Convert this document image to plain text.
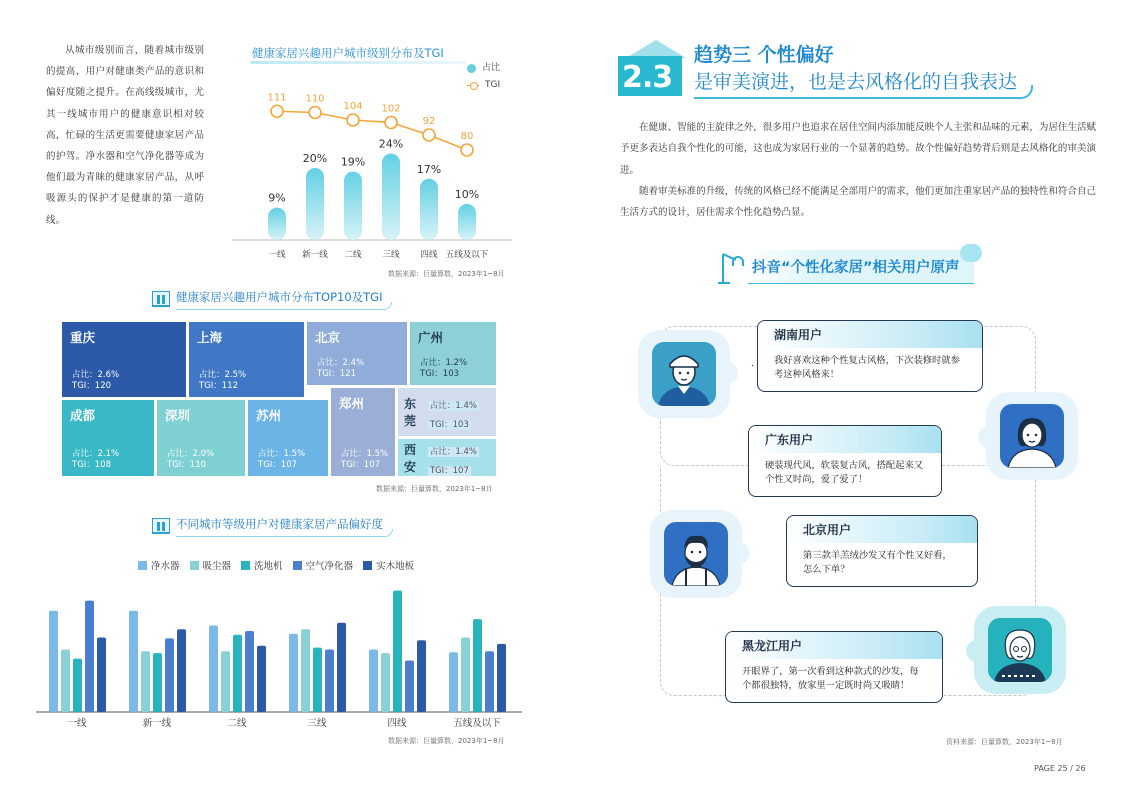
从城市级别而言，随着城市级别的提高，用户对健康类产品的意识和偏好度随之提升。在高线级城市，尤其一线城市用户的健康意识相对较高，忙碌的生活更需要健康家居产品的护驾。净水器和空气净化器等成为他们最为青睐的健康家居产品，从呼吸源头的保护才是健康的第一道防线。

健康家居兴趣用户城市级别分布及TGI
占比
TGI
9%
一线
20%
新一线
19%
二线
24%
三线
17%
四线
10%
五线及以下
111 110
104 102
92
80
数据来源：巨量算数，2023年1~8月
健康家居兴趣用户城市分布TOP10及TGI
重庆
占比：2.6%
TGI：120
上海
占比：2.5%
TGI：112
北京
占比：2.4%
TGI：121
广州
占比：1.2%
TGI：103
成都
占比：2.1%
TGI：108
深圳
占比：2.0%
TGI：110
苏州
占比：1.5%
TGI：107
郑州
占比：1.5%
TGI：107
东莞
占比：1.4%TGI：103
西安
占比：1.4%TGI：107
数据来源：巨量算数，2023年1~8月
不同城市等级用户对健康家居产品偏好度
净水器 吸尘器 洗地机 空气净化器 实木地板
一线	新一线	二线	三线	四线	五线及以下
数据来源：巨量算数，2023年1~8月
2.3
趋势三 个性偏好
是审美演进，也是去风格化的自我表达

在健康、智能的主旋律之外，很多用户也追求在居住空间内添加能反映个人主张和品味的元素，为居住生活赋予更多表达自我个性化的可能，这也成为家居行业的一个显著的趋势。故个性偏好趋势背后则是去风格化的审美演进。

随着审美标准的升级，传统的风格已经不能满足全部用户的需求，他们更加注重家居产品的独特性和符合自己生活方式的设计，居住需求个性化趋势凸显。

抖音“个性化家居”相关用户原声
湖南用户
我好喜欢这种个性复古风格，下次装修时就参考这种风格来！
广东用户
硬装现代风，软装复古风，搭配起来又个性又时尚，爱了爱了！
北京用户
第三款羊羔绒沙发又有个性又好看，怎么下单？
黑龙江用户
开眼界了，第一次看到这种款式的沙发，每个都很独特，放家里一定既时尚又吸睛！
资料来源：巨量算数，2023年1~8月
PAGE 25 / 26
